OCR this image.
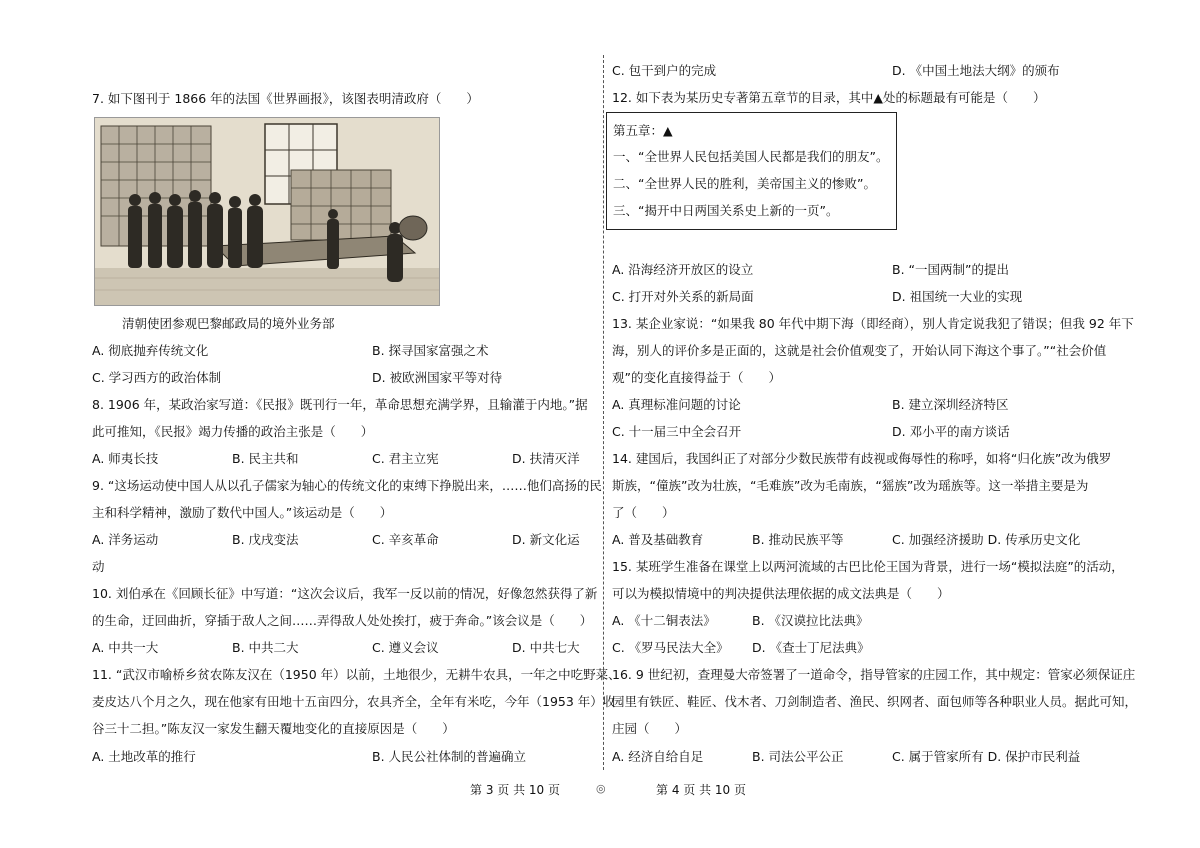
7. 如下图刊于 1866 年的法国《世界画报》，该图表明清政府（　　）
清朝使团参观巴黎邮政局的境外业务部
A. 彻底抛弃传统文化	B. 探寻国家富强之术
C. 学习西方的政治体制	D. 被欧洲国家平等对待
8. 1906 年，某政治家写道：《民报》既刊行一年，革命思想充满学界，且输灌于内地。”据
此可推知，《民报》竭力传播的政治主张是（　　）
A. 师夷长技	B. 民主共和	C. 君主立宪	D. 扶清灭洋
9. “这场运动使中国人从以孔子儒家为轴心的传统文化的束缚下挣脱出来，……他们高扬的民
主和科学精神，激励了数代中国人。”该运动是（　　）
A. 洋务运动	B. 戊戌变法	C. 辛亥革命	D. 新文化运
动
10. 刘伯承在《回顾长征》中写道：“这次会议后，我军一反以前的情况，好像忽然获得了新
的生命，迂回曲折，穿插于敌人之间……弄得敌人处处挨打，疲于奔命。”该会议是（　　）
A. 中共一大	B. 中共二大	C. 遵义会议	D. 中共七大
11. “武汉市喻桥乡贫农陈友汉在（1950 年）以前，土地很少，无耕牛农具，一年之中吃野菜、
麦皮达八个月之久，现在他家有田地十五亩四分，农具齐全，全年有米吃，今年（1953 年）收
谷三十二担。”陈友汉一家发生翻天覆地变化的直接原因是（　　）
A. 土地改革的推行	B. 人民公社体制的普遍确立
C. 包干到户的完成	D. 《中国土地法大纲》的颁布
12. 如下表为某历史专著第五章节的目录，其中▲处的标题最有可能是（　　）
第五章：▲
一、“全世界人民包括美国人民都是我们的朋友”。
二、“全世界人民的胜利，美帝国主义的惨败”。
三、“揭开中日两国关系史上新的一页”。
A. 沿海经济开放区的设立	B. “一国两制”的提出
C. 打开对外关系的新局面	D. 祖国统一大业的实现
13. 某企业家说：“如果我 80 年代中期下海（即经商），别人肯定说我犯了错误；但我 92 年下
海，别人的评价多是正面的，这就是社会价值观变了，开始认同下海这个事了。”“社会价值
观”的变化直接得益于（　　）
A. 真理标准问题的讨论	B. 建立深圳经济特区
C. 十一届三中全会召开	D. 邓小平的南方谈话
14. 建国后，我国纠正了对部分少数民族带有歧视或侮辱性的称呼，如将“归化族”改为俄罗
斯族，“僮族”改为壮族，“毛难族”改为毛南族，“猺族”改为瑶族等。这一举措主要是为
了（　　）
A. 普及基础教育	B. 推动民族平等	C. 加强经济援助 D. 传承历史文化
15. 某班学生准备在课堂上以两河流域的古巴比伦王国为背景，进行一场“模拟法庭”的活动，
可以为模拟情境中的判决提供法理依据的成文法典是（　　）
A. 《十二铜表法》	B. 《汉谟拉比法典》
C. 《罗马民法大全》 D. 《查士丁尼法典》
16. 9 世纪初，查理曼大帝签署了一道命令，指导管家的庄园工作，其中规定：管家必须保证庄
园里有铁匠、鞋匠、伐木者、刀剑制造者、渔民、织网者、面包师等各种职业人员。据此可知，
庄园（　　）
A. 经济自给自足	B. 司法公平公正	C. 属于管家所有 D. 保护市民利益
第 3 页 共 10 页	◎	第 4 页 共 10 页
